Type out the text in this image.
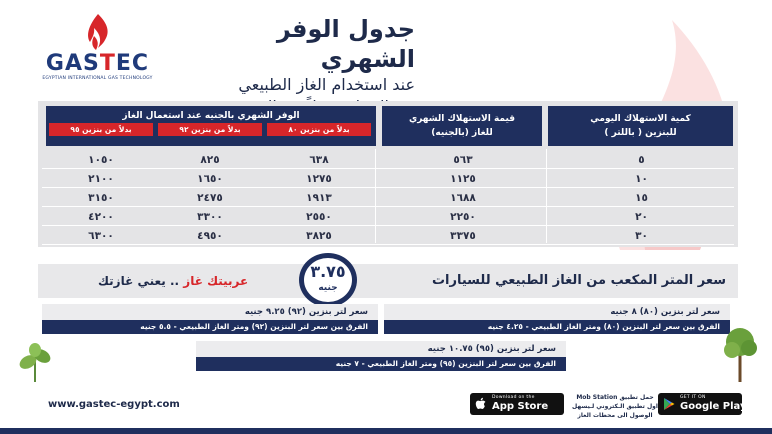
GASTEC
EGYPTIAN INTERNATIONAL GAS TECHNOLOGY
جدول الوفر الشهري
عند استخدام الغاز الطبيعي
كمية الاستهلاك اليومي
للبنزين ( باللتر )
قيمة الاستهلاك الشهري
للغاز (بالجنيه)
الوفر الشهري بالجنيه عند استعمال الغاز
بدلاً من بنزين ٨٠
بدلاً من بنزين ٩٢
بدلاً من بنزين ٩٥
٥
٥٦٣
٦٣٨
٨٢٥
١٠٥٠
١٠
١١٢٥
١٢٧٥
١٦٥٠
٢١٠٠
١٥
١٦٨٨
١٩١٣
٢٤٧٥
٣١٥٠
٢٠
٢٢٥٠
٢٥٥٠
٣٣٠٠
٤٢٠٠
٣٠
٣٣٧٥
٣٨٢٥
٤٩٥٠
٦٣٠٠
سعر المتر المكعب من الغاز الطبيعي للسيارات
عربيتك غاز .. يعني غازتك	٣.٧٥
جنيه
سعر لتر بنزين (٨٠) ٨ جنيه
الفرق بين سعر لتر البنزين (٨٠) ومتر الغاز الطبيعي - ٤.٢٥ جنيه
سعر لتر بنزين (٩٢) ٩.٢٥ جنيه
الفرق بين سعر لتر البنزين (٩٢) ومتر الغاز الطبيعي - ٥.٥ جنيه
سعر لتر بنزين (٩٥) ١٠.٧٥ جنيه
الفرق بين سعر لتر البنزين (٩٥) ومتر الغاز الطبيعي - ٧ جنيه
www.gastec-egypt.com
Download on the
App Store
حمل تطبيق Mob Station
اول تطبيق الـكتروني لـيسهل الوصول الى محطات الغاز
GET IT ON
Google Play
